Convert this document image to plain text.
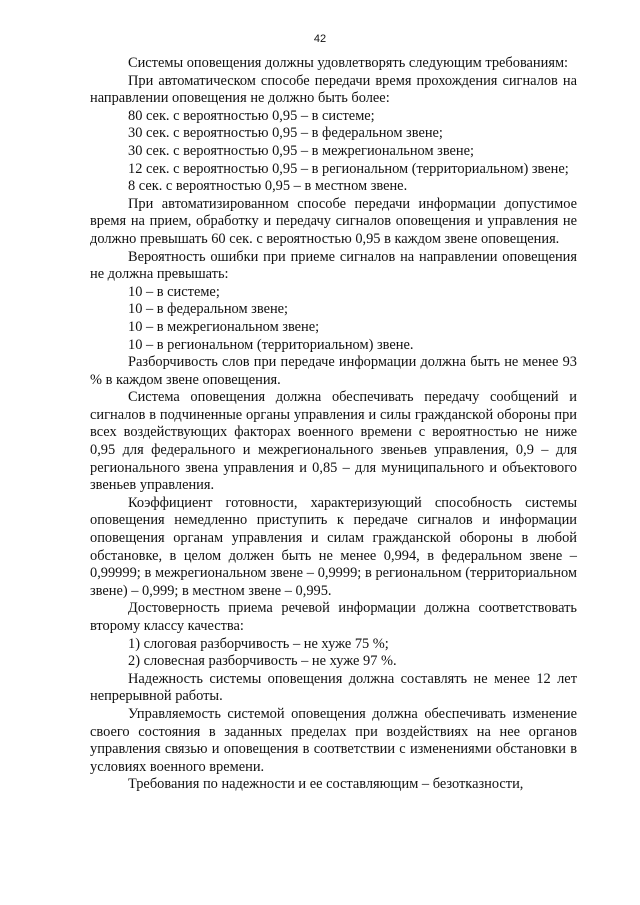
42

Системы оповещения должны удовлетворять следующим требованиям:

При автоматическом способе передачи время прохождения сигналов на направлении оповещения не должно быть более:

80 сек. с вероятностью 0,95 – в системе;

30 сек. с вероятностью 0,95 – в федеральном звене;

30 сек. с вероятностью 0,95 – в межрегиональном звене;

12 сек. с вероятностью 0,95 – в региональном (территориальном) звене;

8 сек. с вероятностью 0,95 – в местном звене.

При автоматизированном способе передачи информации допустимое время на прием, обработку и передачу сигналов оповещения и управления не должно превышать 60 сек. с вероятностью 0,95 в каждом звене оповещения.

Вероятность ошибки при приеме сигналов на направлении оповещения не должна превышать:

10 – в системе;

10 – в федеральном звене;

10 – в межрегиональном звене;

10 – в региональном (территориальном) звене.

Разборчивость слов при передаче информации должна быть не менее 93 % в каждом звене оповещения.

Система оповещения должна обеспечивать передачу сообщений и сигналов в подчиненные органы управления и силы гражданской обороны при всех воздействующих факторах военного времени с вероятностью не ниже 0,95 для федерального и межрегионального звеньев управления, 0,9 – для регионального звена управления и 0,85 – для муниципального и объектового звеньев управления.

Коэффициент готовности, характеризующий способность системы оповещения немедленно приступить к передаче сигналов и информации оповещения органам управления и силам гражданской обороны в любой обстановке, в целом должен быть не менее 0,994, в федеральном звене – 0,99999; в межрегиональном звене – 0,9999; в региональном (территориальном звене) – 0,999; в местном звене – 0,995.

Достоверность приема речевой информации должна соответствовать второму классу качества:

1) слоговая разборчивость – не хуже 75 %;

2) словесная разборчивость – не хуже 97 %.

Надежность системы оповещения должна составлять не менее 12 лет непрерывной работы.

Управляемость системой оповещения должна обеспечивать изменение своего состояния в заданных пределах при воздействиях на нее органов управления связью и оповещения в соответствии с изменениями обстановки в условиях военного времени.

Требования по надежности и ее составляющим – безотказности,
